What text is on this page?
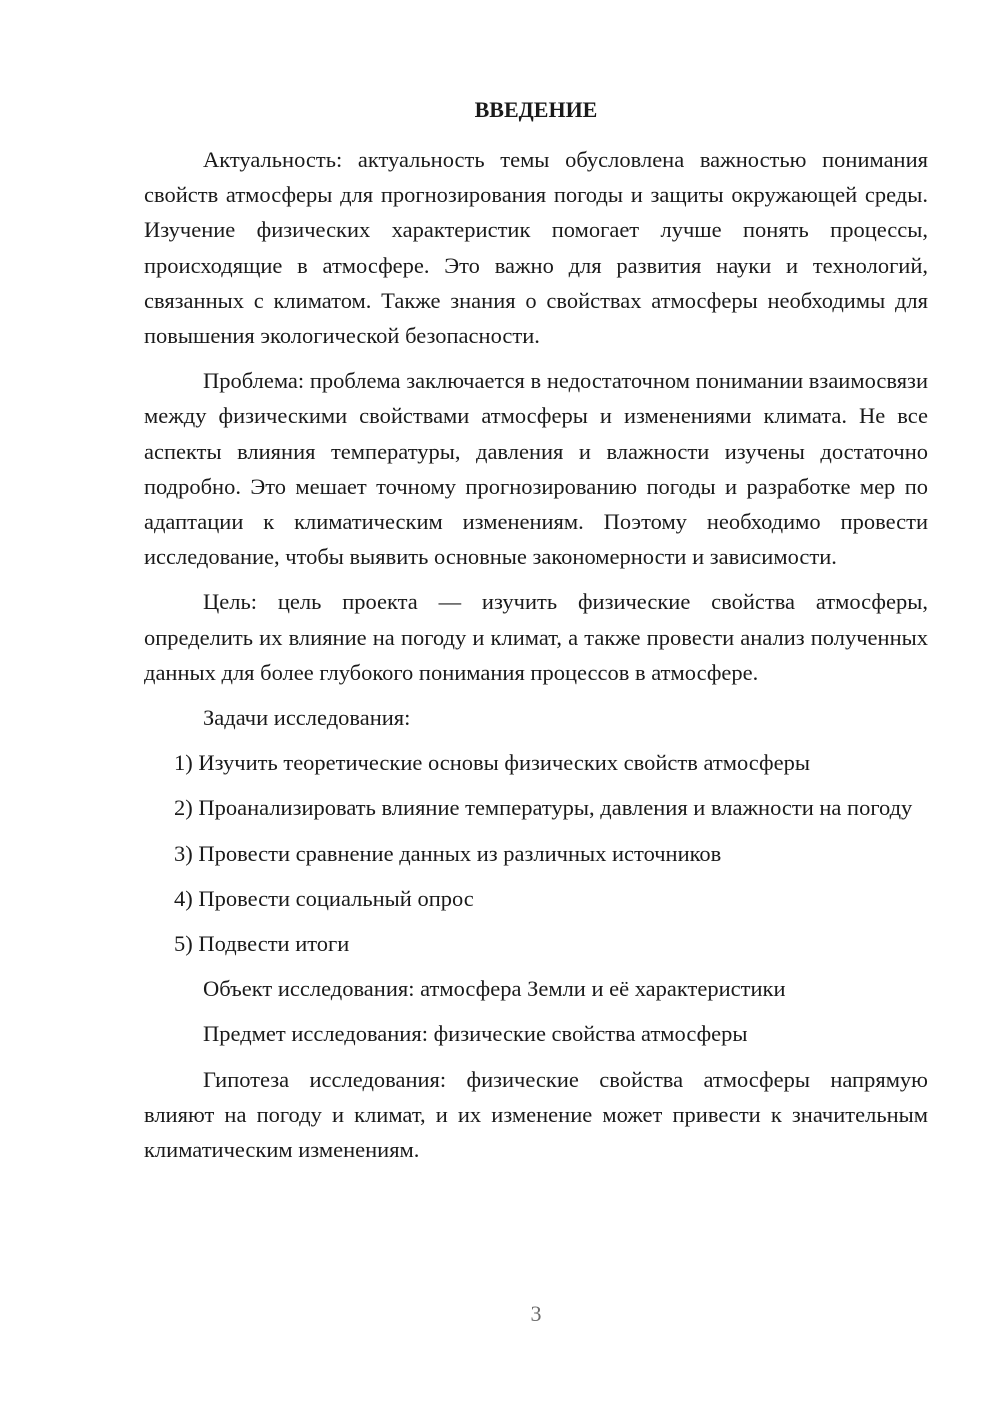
ВВЕДЕНИЕ

Актуальность: актуальность темы обусловлена важностью понимания свойств атмосферы для прогнозирования погоды и защиты окружающей среды. Изучение физических характеристик помогает лучше понять процессы, происходящие в атмосфере. Это важно для развития науки и технологий, связанных с климатом. Также знания о свойствах атмосферы необходимы для повышения экологической безопасности.

Проблема: проблема заключается в недостаточном понимании взаимосвязи между физическими свойствами атмосферы и изменениями климата. Не все аспекты влияния температуры, давления и влажности изучены достаточно подробно. Это мешает точному прогнозированию погоды и разработке мер по адаптации к климатическим изменениям. Поэтому необходимо провести исследование, чтобы выявить основные закономерности и зависимости.

Цель: цель проекта — изучить физические свойства атмосферы, определить их влияние на погоду и климат, а также провести анализ полученных данных для более глубокого понимания процессов в атмосфере.

Задачи исследования:

1) Изучить теоретические основы физических свойств атмосферы

2) Проанализировать влияние температуры, давления и влажности на погоду

3) Провести сравнение данных из различных источников

4) Провести социальный опрос

5) Подвести итоги

Объект исследования: атмосфера Земли и её характеристики

Предмет исследования: физические свойства атмосферы

Гипотеза исследования: физические свойства атмосферы напрямую влияют на погоду и климат, и их изменение может привести к значительным климатическим изменениям.

3
